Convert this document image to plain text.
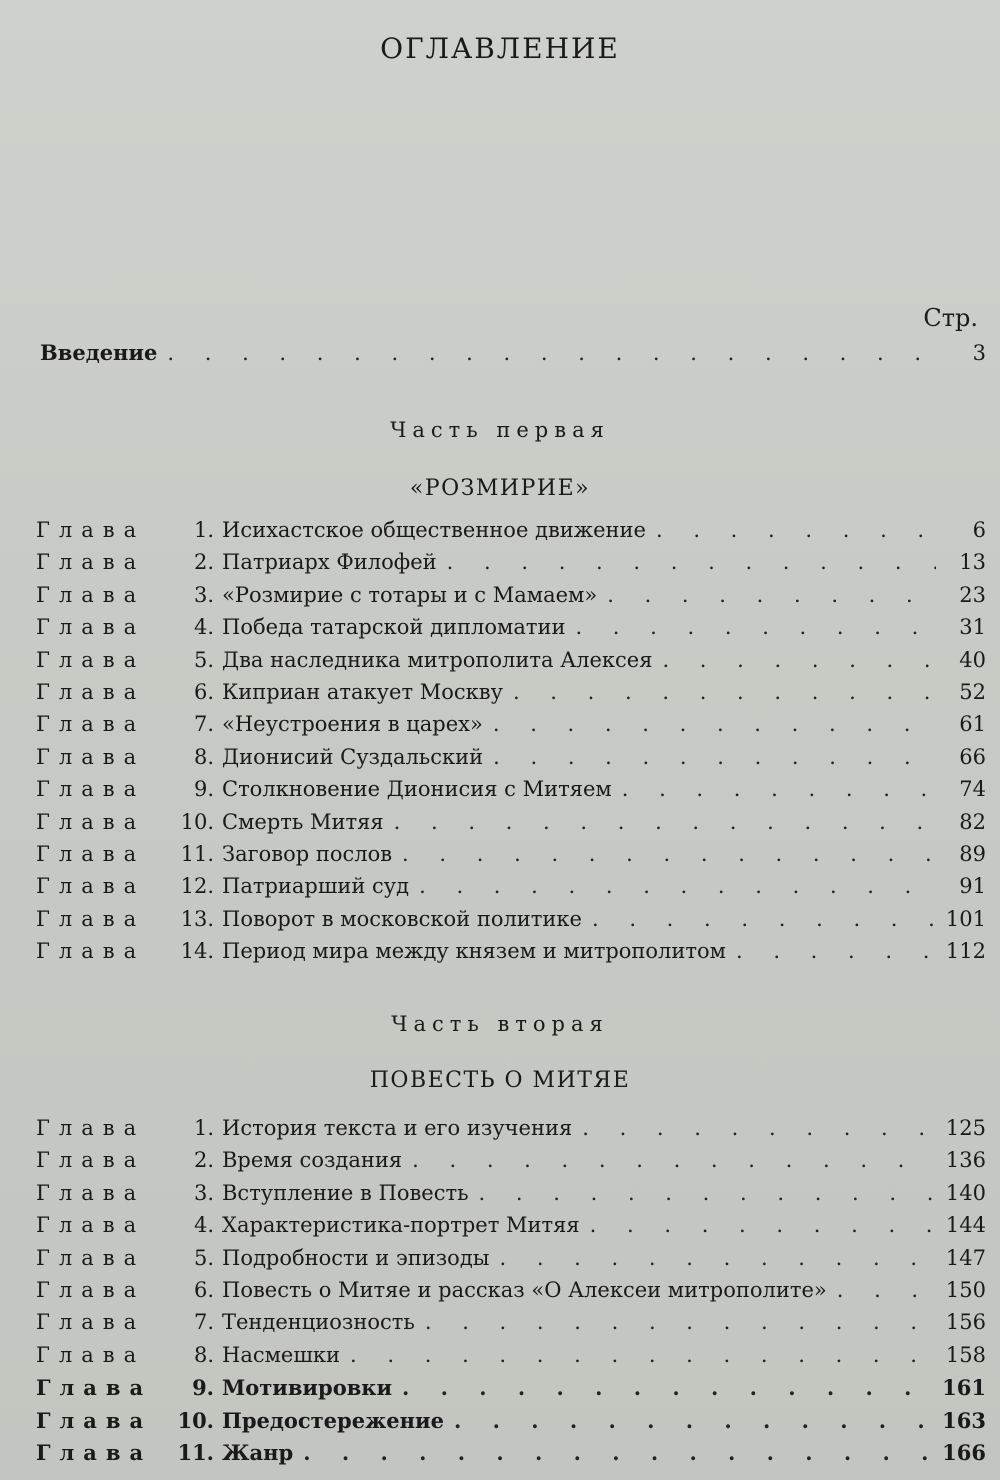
ОГЛАВЛЕНИЕ
Стр.
Введение . . .	3
Часть первая
«РОЗМИРИЕ»
Глава	1. Исихастское общественное движение . . .	6
Глава	2. Патриарх Филофей . . .	13
Глава	3. «Розмирие с тотары и с Мамаем» . . .	23
Глава	4. Победа татарской дипломатии . . .	31
Глава	5. Два наследника митрополита Алексея . . .	40
Глава	6. Киприан атакует Москву . . .	52
Глава	7. «Неустроения в царех» . . .	61
Глава	8. Дионисий Суздальский . . .	66
Глава	9. Столкновение Дионисия с Митяем . . .	74
Глава	10. Смерть Митяя . . .	82
Глава	11. Заговор послов . . .	89
Глава	12. Патриарший суд . . .	91
Глава	13. Поворот в московской политике . . .	101
Глава	14. Период мира между князем и митрополитом . . .	112
Часть вторая
ПОВЕСТЬ О МИТЯЕ
Глава	1. История текста и его изучения . . .	125
Глава	2. Время создания . . .	136
Глава	3. Вступление в Повесть . . .	140
Глава	4. Характеристика-портрет Митяя . . .	144
Глава	5. Подробности и эпизоды . . .	147
Глава	6. Повесть о Митяе и рассказ «О Алексеи митрополите» . . .	150
Глава	7. Тенденциозность . . .	156
Глава	8. Насмешки . . .	158
Глава	9. Мотивировки . . .	161
Глава	10. Предостережение . . .	163
Глава	11. Жанр . . .	166
